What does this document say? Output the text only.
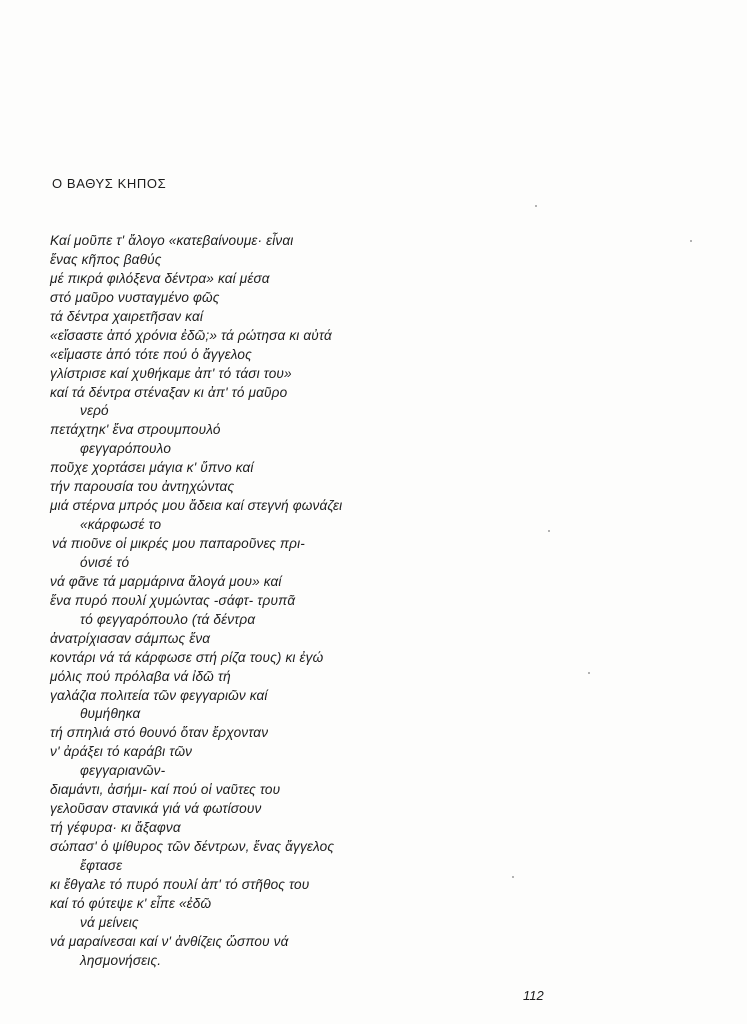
Ο ΒΑΘΥΣ ΚΗΠΟΣ
Καί μοῦπε τ' ἄλογο «κατεβαίνουμε· εἶναι
ἕνας κῆπος βαθύς
μέ πικρά φιλόξενα δέντρα» καί μέσα
στό μαῦρο νυσταγμένο φῶς
τά δέντρα χαιρετῆσαν καί
«εἴσαστε ἀπό χρόνια ἐδῶ;» τά ρώτησα κι αὐτά
«εἴμαστε ἀπό τότε πού ὁ ἄγγελος
γλίστρισε καί χυθήκαμε ἀπ' τό τάσι του»
καί τά δέντρα στέναξαν κι ἀπ' τό μαῦρο
νερό
πετάχτηκ' ἕνα στρουμπουλό
φεγγαρόπουλο
ποῦχε χορτάσει μάγια κ' ὕπνο καί
τήν παρουσία του ἀντηχώντας
μιά στέρνα μπρός μου ἄδεια καί στεγνή φωνάζει
«κάρφωσέ το
νά πιοῦνε οἱ μικρές μου παπαροῦνες πρι-
όνισέ τό
νά φᾶνε τά μαρμάρινα ἄλογά μου» καί
ἕνα πυρό πουλί χυμώντας -σάφτ- τρυπᾶ
τό φεγγαρόπουλο (τά δέντρα
ἀνατρίχιασαν σάμπως ἕνα
κοντάρι νά τά κάρφωσε στή ρίζα τους) κι ἐγώ
μόλις πού πρόλαβα νά ἰδῶ τή
γαλάζια πολιτεία τῶν φεγγαριῶν καί
θυμήθηκα
τή σπηλιά στό θουνό ὅταν ἔρχονταν
ν' ἀράξει τό καράβι τῶν
φεγγαριανῶν-
διαμάντι, ἀσήμι- καί πού οἱ ναῦτες του
γελοῦσαν στανικά γιά νά φωτίσουν
τή γέφυρα· κι ἄξαφνα
σώπασ' ὁ ψίθυρος τῶν δέντρων, ἕνας ἄγγελος
ἔφτασε
κι ἔθγαλε τό πυρό πουλί ἀπ' τό στῆθος του
καί τό φύτεψε κ' εἶπε «ἐδῶ
νά μείνεις
νά μαραίνεσαι καί ν' ἀνθίζεις ὥσπου νά
λησμονήσεις.
112
